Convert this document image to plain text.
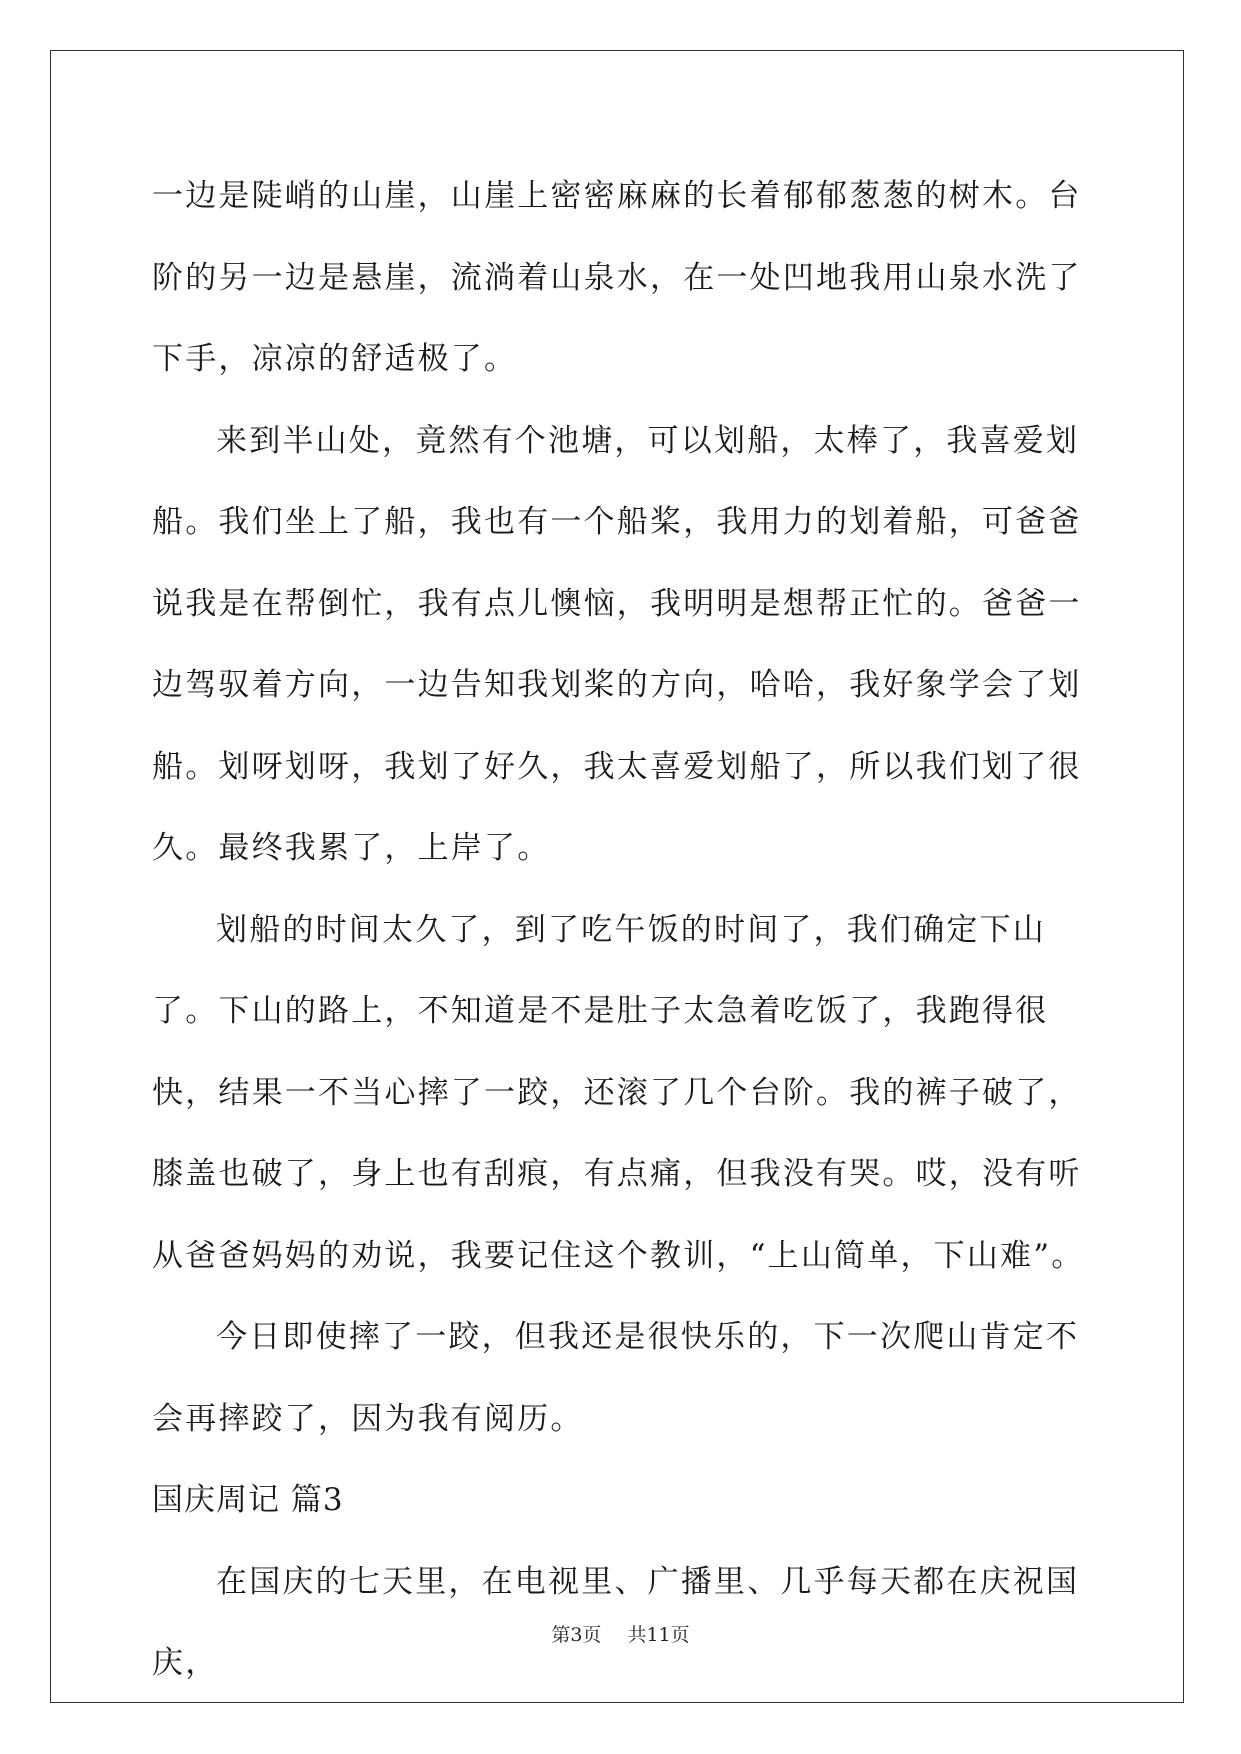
一边是陡峭的山崖，山崖上密密麻麻的长着郁郁葱葱的树木。台阶的另一边是悬崖，流淌着山泉水，在一处凹地我用山泉水洗了下手，凉凉的舒适极了。

来到半山处，竟然有个池塘，可以划船，太棒了，我喜爱划船。我们坐上了船，我也有一个船桨，我用力的划着船，可爸爸说我是在帮倒忙，我有点儿懊恼，我明明是想帮正忙的。爸爸一边驾驭着方向，一边告知我划桨的方向，哈哈，我好象学会了划船。划呀划呀，我划了好久，我太喜爱划船了，所以我们划了很久。最终我累了，上岸了。

划船的时间太久了，到了吃午饭的时间了，我们确定下山了。下山的路上，不知道是不是肚子太急着吃饭了，我跑得很快，结果一不当心摔了一跤，还滚了几个台阶。我的裤子破了，膝盖也破了，身上也有刮痕，有点痛，但我没有哭。哎，没有听从爸爸妈妈的劝说，我要记住这个教训，“上山简单，下山难”。

今日即使摔了一跤，但我还是很快乐的，下一次爬山肯定不会再摔跤了，因为我有阅历。

国庆周记 篇3

在国庆的七天里，在电视里、广播里、几乎每天都在庆祝国庆，

第3页 共11页
